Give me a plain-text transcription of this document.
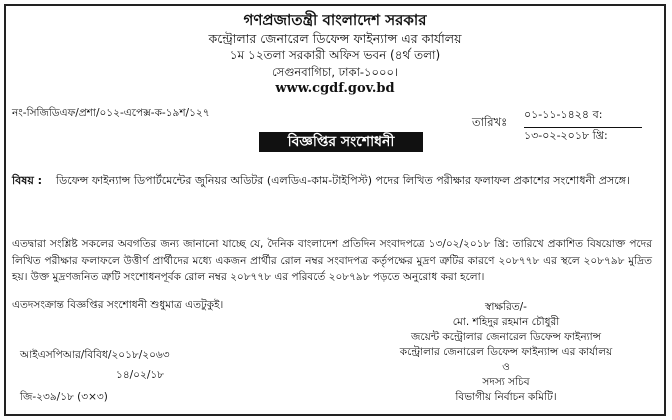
গণপ্রজাতন্ত্রী বাংলাদেশ সরকার
কন্ট্রোলার জেনারেল ডিফেন্স ফাইন্যান্স এর কার্যালয়
১ম ১২তলা সরকারী অফিস ভবন (৪র্থ তলা)
সেগুনবাগিচা, ঢাকা-১০০০।
www.cgdf.gov.bd
নং-সিজিডিএফ/প্রশা/০১২-এপেক্স-ক-১৯শ/১২৭
তারিখঃ
০১-১১-১৪২৪ ব:
১৩-০২-২০১৮ খ্রি:
বিজ্ঞপ্তির সংশোধনী
বিষয় : ডিফেন্স ফাইন্যান্স ডিপার্টমেন্টের জুনিয়র অডিটর (এলডিএ-কাম-টাইপিস্ট) পদের লিখিত পরীক্ষার ফলাফল প্রকাশের সংশোধনী প্রসঙ্গে।
এতদ্বারা সংশ্লিষ্ট সকলের অবগতির জন্য জানানো যাচ্ছে যে, দৈনিক বাংলাদেশ প্রতিদিন সংবাদপত্রে ১৩/০২/২০১৮ খ্রি: তারিখে প্রকাশিত বিষয়োক্ত পদের লিখিত পরীক্ষার ফলাফলে উত্তীর্ণ প্রার্থীদের মধ্যে একজন প্রার্থীর রোল নম্বর সংবাদপত্র কর্তৃপক্ষের মুদ্রণ ত্রুটির কারণে ২০৮৭৭৮ এর স্থলে ২০৮৭৯৮ মুদ্রিত হয়। উক্ত মুদ্রণজনিত ত্রুটি সংশোধনপূর্বক রোল নম্বর ২০৮৭৭৮ এর পরিবর্তে ২০৮৭৯৮ পড়তে অনুরোধ করা হলো।
এতদসংক্রান্ত বিজ্ঞপ্তির সংশোধনী শুধুমাত্র এতটুকুই।	স্বাক্ষরিত/-
মো. শহিদুর রহমান চৌধুরী
জয়েন্ট কন্ট্রোলার জেনারেল ডিফেন্স ফাইন্যান্স
কন্ট্রোলার জেনারেল ডিফেন্স ফাইন্যান্স এর কার্যালয়
ও
সদস্য সচিব
বিভাগীয় নির্বাচন কমিটি।
আইএসপিআর/বিবিধ/২০১৮/২০৬৩
১৪/০২/১৮
জি-২৩৯/১৮ (৩×৩)
